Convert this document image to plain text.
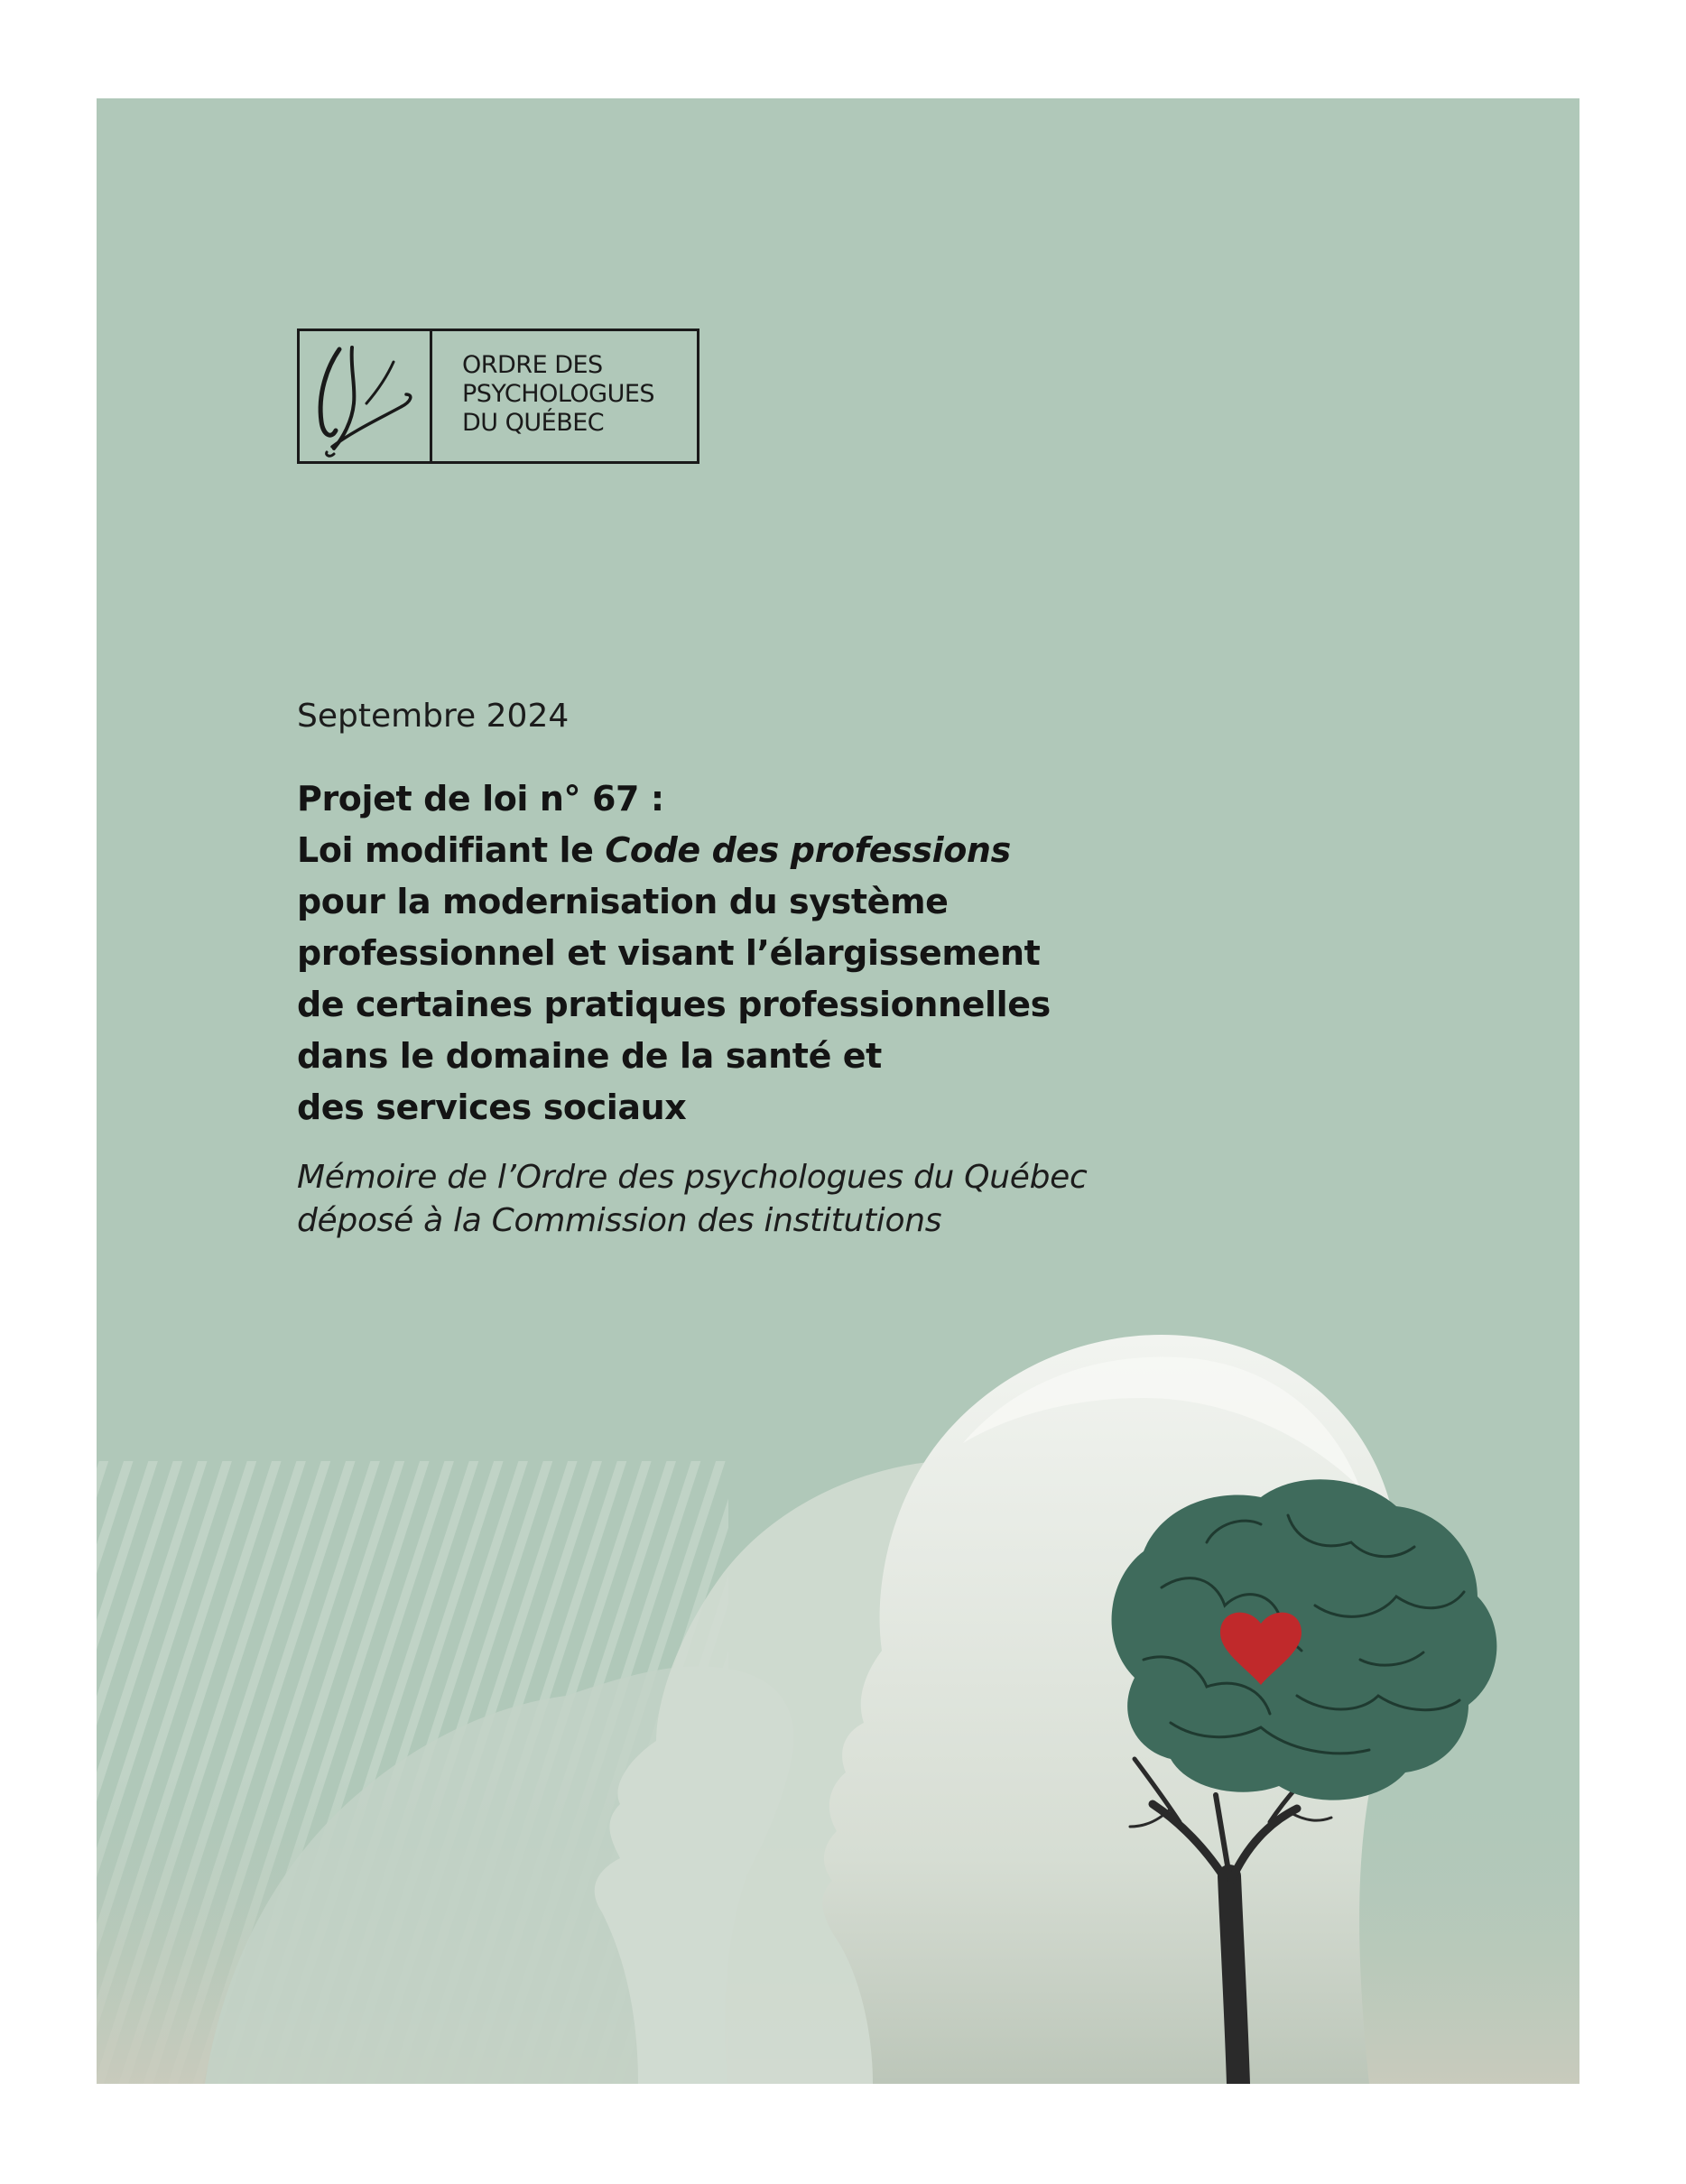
ORDRE DES
PSYCHOLOGUES
DU QUÉBEC
Septembre 2024
Projet de loi n° 67 :
Loi modifiant le Code des professions
pour la modernisation du système
professionnel et visant l’élargissement
de certaines pratiques professionnelles
dans le domaine de la santé et
des services sociaux
Mémoire de l’Ordre des psychologues du Québec
déposé à la Commission des institutions
